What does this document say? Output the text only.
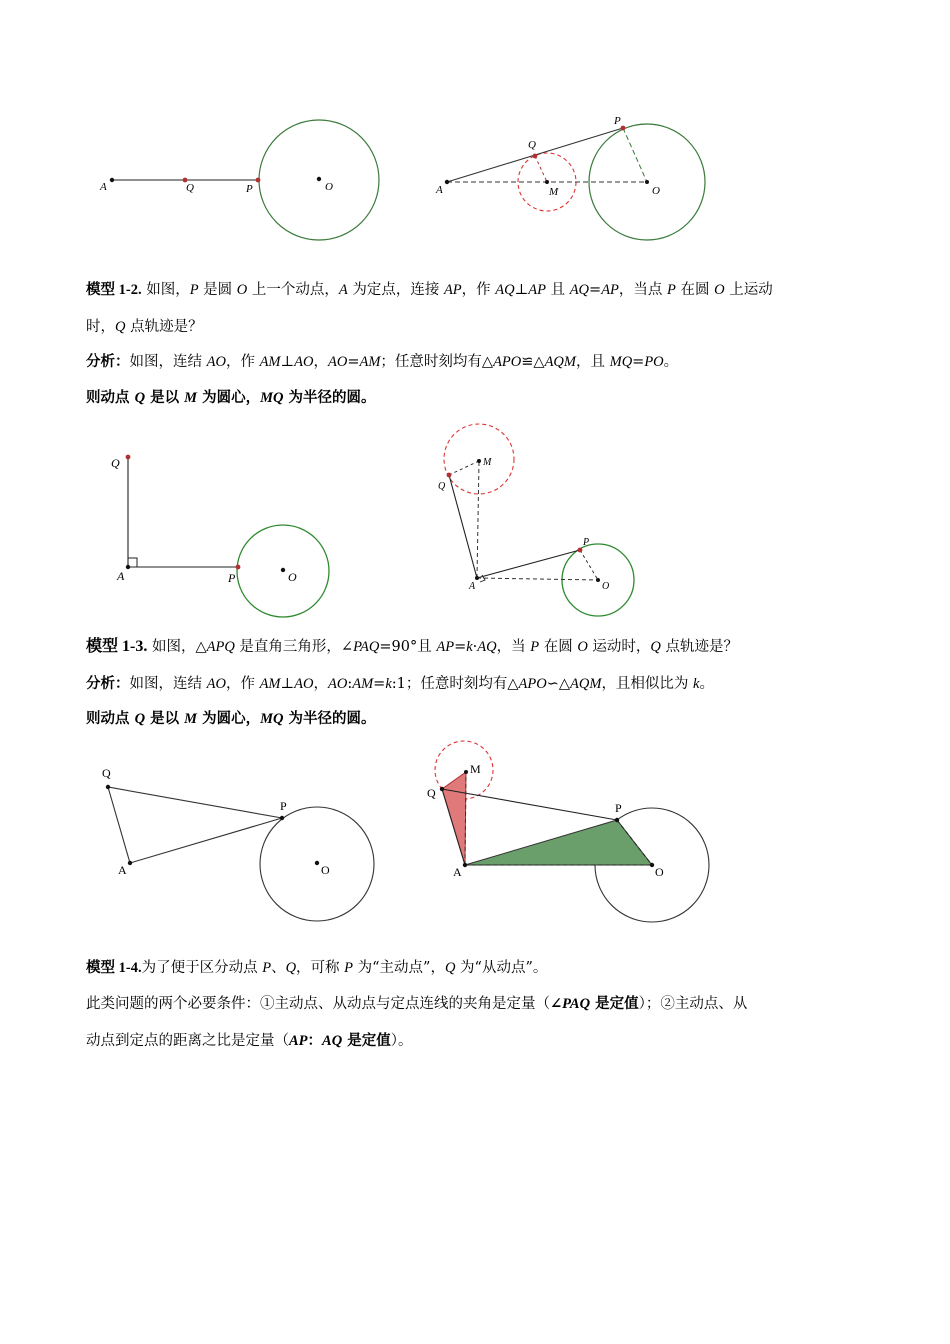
A	Q	P	O
P
Q
A	M	O
模型 1-2. 如图，P 是圆 O 上一个动点，A 为定点，连接 AP，作 AQ⊥AP 且 AQ=AP，当点 P 在圆 O 上运动
时，Q 点轨迹是？
分析：如图，连结 AO，作 AM⊥AO，AO=AM；任意时刻均有△APO≌△AQM，且 MQ=PO。
则动点 Q 是以 M 为圆心，MQ 为半径的圆。
Q
A	P	O
M
Q
P
A	O
模型 1-3. 如图，△APQ 是直角三角形，∠PAQ=90°且 AP=k·AQ，当 P 在圆 O 运动时，Q 点轨迹是？
分析：如图，连结 AO，作 AM⊥AO，AO:AM=k:1；任意时刻均有△APO∽△AQM，且相似比为 k。
则动点 Q 是以 M 为圆心，MQ 为半径的圆。
Q
P
A	O
M
Q
P
A	O
模型 1-4.为了便于区分动点 P、Q，可称 P 为“主动点”，Q 为“从动点”。
此类问题的两个必要条件：①主动点、从动点与定点连线的夹角是定量（∠PAQ 是定值）；②主动点、从
动点到定点的距离之比是定量（AP：AQ 是定值）。
